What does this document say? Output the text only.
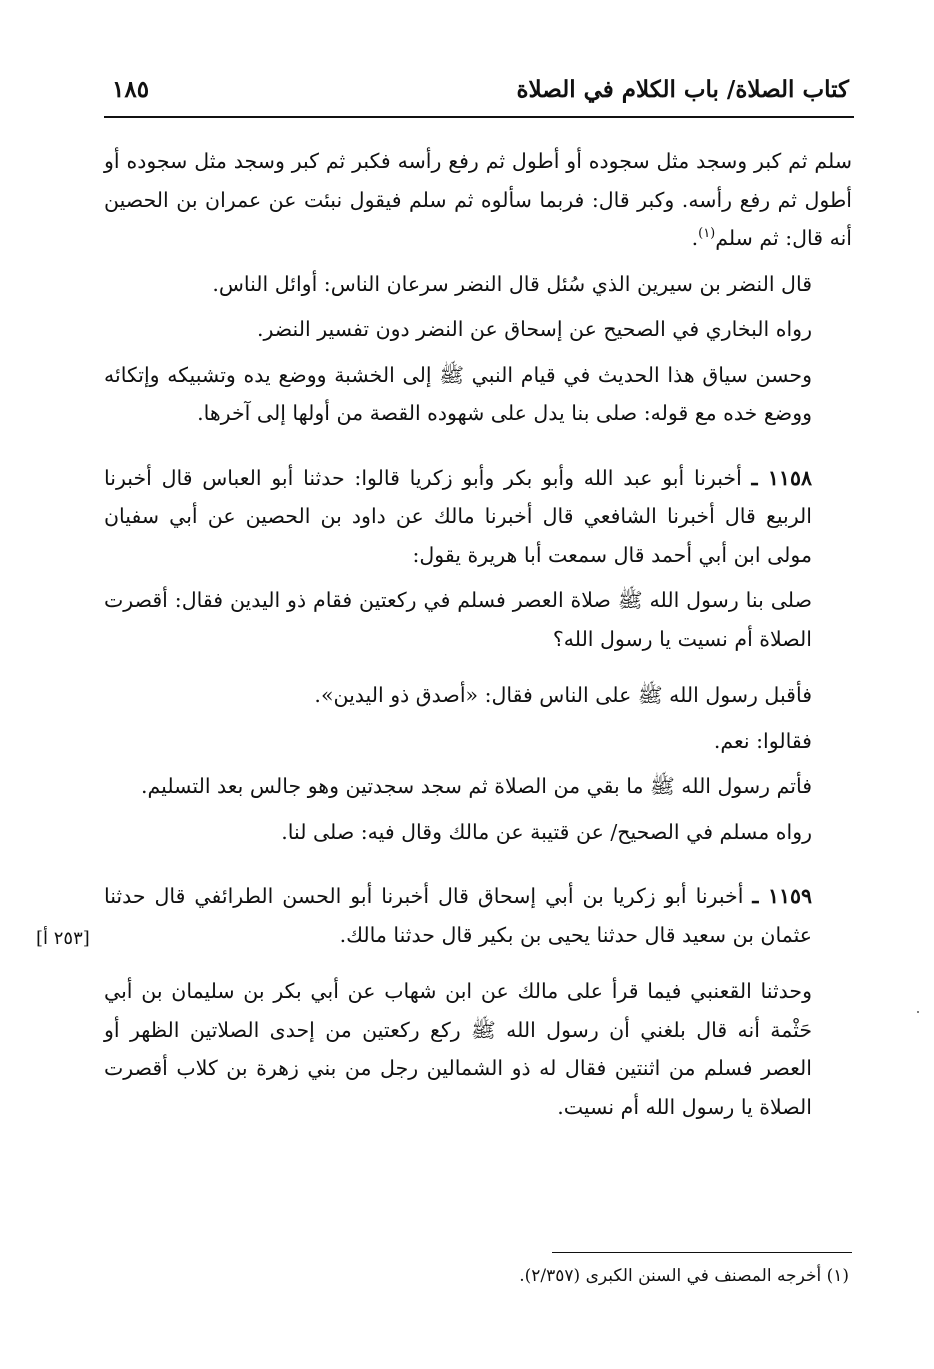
كتاب الصلاة/ باب الكلام في الصلاة
١٨٥

سلم ثم كبر وسجد مثل سجوده أو أطول ثم رفع رأسه فكبر ثم كبر وسجد مثل سجوده أو أطول ثم رفع رأسه. وكبر قال: فربما سألوه ثم سلم فيقول نبئت عن عمران بن الحصين أنه قال: ثم سلم$^{(١)}$.

قال النضر بن سيرين الذي سُئل قال النضر سرعان الناس: أوائل الناس.

رواه البخاري في الصحيح عن إسحاق عن النضر دون تفسير النضر.

وحسن سياق هذا الحديث في قيام النبي ﷺ إلى الخشبة ووضع يده وتشبيكه وإتكائه ووضع خده مع قوله: صلى بنا يدل على شهوده القصة من أولها إلى آخرها.

١١٥٨ ـ أخبرنا أبو عبد الله وأبو بكر وأبو زكريا قالوا: حدثنا أبو العباس قال أخبرنا الربيع قال أخبرنا الشافعي قال أخبرنا مالك عن داود بن الحصين عن أبي سفيان مولى ابن أبي أحمد قال سمعت أبا هريرة يقول:

صلى بنا رسول الله ﷺ صلاة العصر فسلم في ركعتين فقام ذو اليدين فقال: أقصرت الصلاة أم نسيت يا رسول الله؟

فأقبل رسول الله ﷺ على الناس فقال: «أصدق ذو اليدين».

فقالوا: نعم.

فأتم رسول الله ﷺ ما بقي من الصلاة ثم سجد سجدتين وهو جالس بعد التسليم.

رواه مسلم في الصحيح/ عن قتيبة عن مالك وقال فيه: صلى لنا.

١١٥٩ ـ أخبرنا أبو زكريا بن أبي إسحاق قال أخبرنا أبو الحسن الطرائفي قال حدثنا عثمان بن سعيد قال حدثنا يحيى بن بكير قال حدثنا مالك.

وحدثنا القعنبي فيما قرأ على مالك عن ابن شهاب عن أبي بكر بن سليمان بن أبي حَثْمة أنه قال بلغني أن رسول الله ﷺ ركع ركعتين من إحدى الصلاتين الظهر أو العصر فسلم من اثنتين فقال له ذو الشمالين رجل من بني زهرة بن كلاب أقصرت الصلاة يا رسول الله أم نسيت.

[٢٥٣ أ]
(١) أخرجه المصنف في السنن الكبرى (٢/٣٥٧).
